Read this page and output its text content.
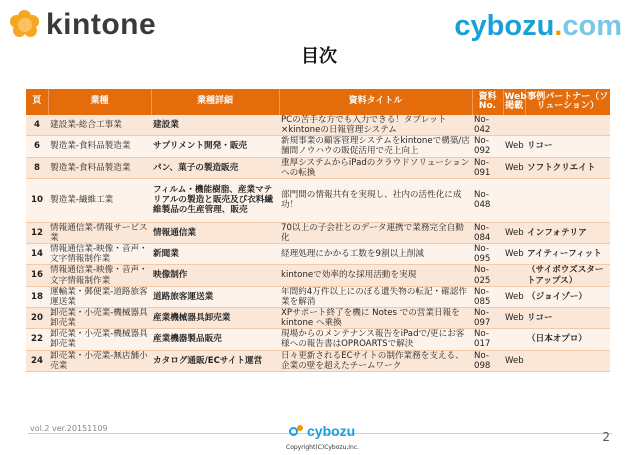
kintone	cybozu . com
目次
頁	業種	業種詳細	資料タイトル	資料No.	Web掲載	事例パートナー（ソリューション）
4	建設業-総合工事業	建設業	PCの苦手な方でも入力できる！タブレット×kintoneの日報管理システム	No-042		
6	製造業-食料品製造業	サプリメント開発・販売	新規事業の顧客管理システムをkintoneで構築/店舗間ノウハウの販促活用で売上向上	No-092	Web	リコー
8	製造業-食料品製造業	パン、菓子の製造販売	重厚システムからiPadのクラウドソリューションへの転換	No-091	Web	ソフトクリエイト
10	製造業-繊維工業	フィルム・機能樹脂、産業マテリアルの製造と販売及び衣料繊維製品の生産管理、販売	部門間の情報共有を実現し、社内の活性化に成功！	No-048		
12	情報通信業-情報サービス業	情報通信業	70以上の子会社とのデータ連携で業務完全自動化	No-084	Web	インフォテリア
14	情報通信業-映像・音声・文字情報制作業	新聞業	経理処理にかかる工数を9割以上削減	No-095	Web	アイティーフィット
16	情報通信業-映像・音声・文字情報制作業	映像制作	kintoneで効率的な採用活動を実現	No-025		（サイボウズスタートアップス）
18	運輸業・郵便業-道路旅客運送業	道路旅客運送業	年間約4万件以上にのぼる遺失物の転記・確認作業を解消	No-085	Web	（ジョイゾー）
20	卸売業・小売業-機械器具卸売業	産業機械器具卸売業	XPサポート終了を機に Notes での営業日報を kintone へ乗換	No-097	Web	リコー
22	卸売業・小売業-機械器具卸売業	産業機器製品販売	現場からのメンテナンス報告をiPadで/更にお客様への報告書はOPROARTSで解決	No-017		（日本オプロ）
24	卸売業・小売業-無店舗小売業	カタログ通販/ECサイト運営	日々更新されるECサイトの制作業務を支える、企業の壁を超えたチームワーク	No-098	Web	
vol.2 ver.20151109	cybozu
Copyright(C)Cybozu,Inc.
2
